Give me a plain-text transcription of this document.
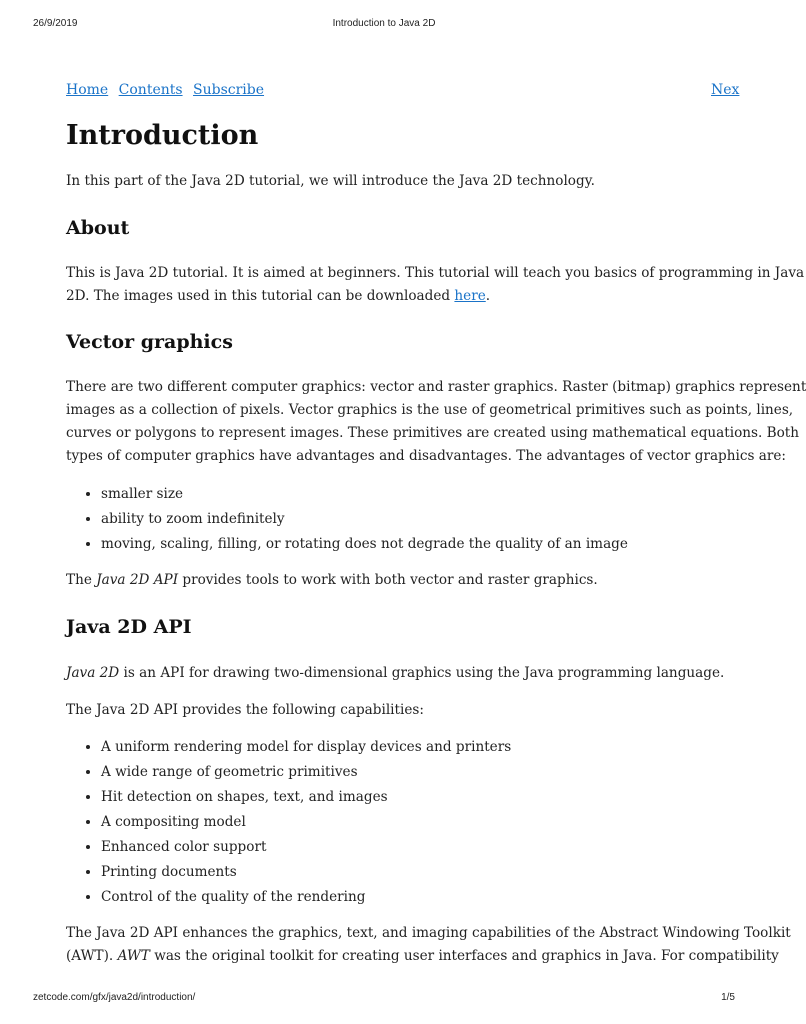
26/9/2019	Introduction to Java 2D
Home Contents Subscribe	Nex
Introduction

In this part of the Java 2D tutorial, we will introduce the Java 2D technology.

About

This is Java 2D tutorial. It is aimed at beginners. This tutorial will teach you basics of programming in Java

2D. The images used in this tutorial can be downloaded here.

Vector graphics

There are two different computer graphics: vector and raster graphics. Raster (bitmap) graphics represent

images as a collection of pixels. Vector graphics is the use of geometrical primitives such as points, lines,

curves or polygons to represent images. These primitives are created using mathematical equations. Both

types of computer graphics have advantages and disadvantages. The advantages of vector graphics are:

• smaller size
• ability to zoom indefinitely
• moving, scaling, filling, or rotating does not degrade the quality of an image

The Java 2D API provides tools to work with both vector and raster graphics.

Java 2D API

Java 2D is an API for drawing two-dimensional graphics using the Java programming language.

The Java 2D API provides the following capabilities:

• A uniform rendering model for display devices and printers
• A wide range of geometric primitives
• Hit detection on shapes, text, and images
• A compositing model
• Enhanced color support
• Printing documents
• Control of the quality of the rendering

The Java 2D API enhances the graphics, text, and imaging capabilities of the Abstract Windowing Toolkit

(AWT). AWT was the original toolkit for creating user interfaces and graphics in Java. For compatibility

zetcode.com/gfx/java2d/introduction/	1/5
